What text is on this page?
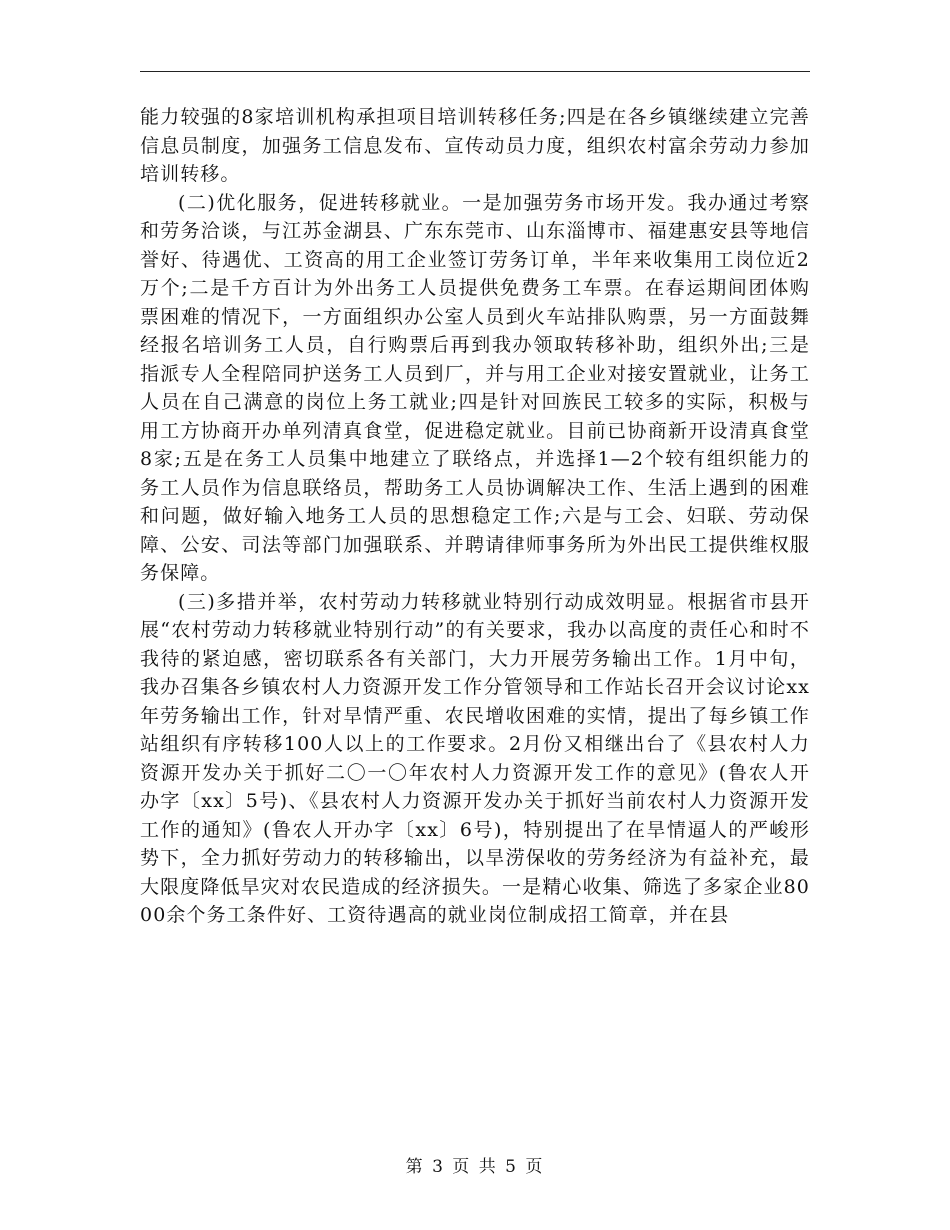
能力较强的8家培训机构承担项目培训转移任务;四是在各乡镇继续建立完善信息员制度，加强务工信息发布、宣传动员力度，组织农村富余劳动力参加培训转移。

(二)优化服务，促进转移就业。一是加强劳务市场开发。我办通过考察和劳务洽谈，与江苏金湖县、广东东莞市、山东淄博市、福建惠安县等地信誉好、待遇优、工资高的用工企业签订劳务订单，半年来收集用工岗位近2万个;二是千方百计为外出务工人员提供免费务工车票。在春运期间团体购票困难的情况下，一方面组织办公室人员到火车站排队购票，另一方面鼓舞经报名培训务工人员，自行购票后再到我办领取转移补助，组织外出;三是指派专人全程陪同护送务工人员到厂，并与用工企业对接安置就业，让务工人员在自己满意的岗位上务工就业;四是针对回族民工较多的实际，积极与用工方协商开办单列清真食堂，促进稳定就业。目前已协商新开设清真食堂8家;五是在务工人员集中地建立了联络点，并选择1—2个较有组织能力的务工人员作为信息联络员，帮助务工人员协调解决工作、生活上遇到的困难和问题，做好输入地务工人员的思想稳定工作;六是与工会、妇联、劳动保障、公安、司法等部门加强联系、并聘请律师事务所为外出民工提供维权服务保障。

(三)多措并举，农村劳动力转移就业特别行动成效明显。根据省市县开展“农村劳动力转移就业特别行动”的有关要求，我办以高度的责任心和时不我待的紧迫感，密切联系各有关部门，大力开展劳务输出工作。1月中旬，我办召集各乡镇农村人力资源开发工作分管领导和工作站长召开会议讨论xx年劳务输出工作，针对旱情严重、农民增收困难的实情，提出了每乡镇工作站组织有序转移100人以上的工作要求。2月份又相继出台了《县农村人力资源开发办关于抓好二〇一〇年农村人力资源开发工作的意见》(鲁农人开办字〔xx〕5号)、《县农村人力资源开发办关于抓好当前农村人力资源开发工作的通知》(鲁农人开办字〔xx〕6号)，特别提出了在旱情逼人的严峻形势下，全力抓好劳动力的转移输出，以旱涝保收的劳务经济为有益补充，最大限度降低旱灾对农民造成的经济损失。一是精心收集、筛选了多家企业8000余个务工条件好、工资待遇高的就业岗位制成招工简章，并在县

第 3 页 共 5 页
